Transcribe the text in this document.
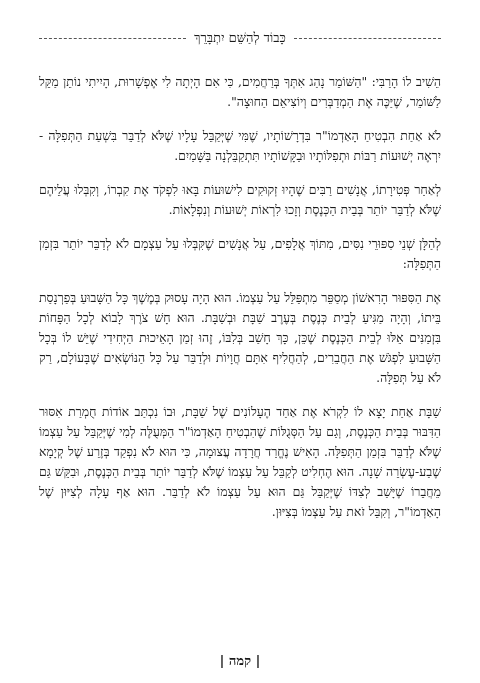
כָּבוֹד לְהַשֵּׁם יִתְבָּרֵךְ

הֵשִׁיב לוֹ הָרַבִּי: "הַשּׁוֹמֵר נָהַג אִתְּךָ בְּרַחֲמִים, כִּי אִם הָיְתָה לִי אֶפְשָׁרוּת, הָיִיתִי נוֹתֵן מַקֵּל לַשּׁוֹמֵר, שֶׁיַּכֶּה אֶת הַמְדַבְּרִים וְיוֹצִיאֵם הַחוּצָה".

לֹא אַחַת הִבְטִיחַ הָאַדְמוֹ"ר בִּדְרָשׁוֹתָיו, שֶׁמִּי שֶׁיְּקַבֵּל עָלָיו שֶׁלֹּא לְדַבֵּר בִּשְׁעַת הַתְּפִלָּה - יִרְאֶה יְשׁוּעוֹת רַבּוֹת וּתְפִלּוֹתָיו וּבַקָּשׁוֹתָיו תִּתְקַבֵּלְנָה בַּשָּׁמַיִם.

לְאַחַר פְּטִירָתוֹ, אֲנָשִׁים רַבִּים שֶׁהָיוּ זְקוּקִים לִישׁוּעוֹת בָּאוּ לִפְקֹד אֶת קִבְרוֹ, וְקִבְּלוּ עֲלֵיהֶם שֶׁלֹּא לְדַבֵּר יוֹתֵר בְּבֵית הַכְּנֶסֶת וְזָכוּ לִרְאוֹת יְשׁוּעוֹת וְנִפְלָאוֹת.

לְהַלָּן שְׁנֵי סִפּוּרֵי נִסִּים, מִתּוֹךְ אֲלָפִים, עַל אֲנָשִׁים שֶׁקִּבְּלוּ עַל עַצְמָם לֹא לְדַבֵּר יוֹתֵר בִּזְמַן הַתְּפִלָּה:

אֶת הַסִּפּוּר הָרִאשׁוֹן מְסַפֵּר מִתְפַּלֵּל עַל עַצְמוֹ. הוּא הָיָה עָסוּק בְּמֶשֶׁךְ כָּל הַשָּׁבוּעַ בְּפַרְנָסַת בֵּיתוֹ, וְהָיָה מַגִּיעַ לְבֵית כְּנֶסֶת בְּעֶרֶב שַׁבָּת וּבְשַׁבָּת. הוּא חָשׁ צֹרֶךְ לָבוֹא לְכָל הַפָּחוֹת בִּזְמַנִּים אֵלּוּ לְבֵית הַכְּנֶסֶת שֶׁכֵּן, כָּךְ חָשַׁב בְּלִבּוֹ, זֶהוּ זְמַן הָאֵיכוּת הַיְּחִידִי שֶׁיֵּשׁ לוֹ בְּכָל הַשָּׁבוּעַ לִפְגֹּשׁ אֶת הַחֲבֵרִים, לְהַחֲלִיף אִתָּם חֲוָיוֹת וּלְדַבֵּר עַל כָּל הַנּוֹשְׂאִים שֶׁבָּעוֹלָם, רַק לֹא עַל תְּפִלָּה.

שַׁבָּת אַחַת יָצָא לוֹ לִקְרֹא אֶת אַחַד הֶעָלוֹנִים שֶׁל שַׁבָּת, וּבוֹ נִכְתַּב אוֹדוֹת חֻמְרַת אִסּוּר הַדִּבּוּר בְּבֵית הַכְּנֶסֶת, וְגַם עַל הַסְּגֻלּוֹת שֶׁהִבְטִיחַ הָאַדְמוֹ"ר הַמְּעֻלֶּה לְמִי שֶׁיְּקַבֵּל עַל עַצְמוֹ שֶׁלֹּא לְדַבֵּר בִּזְמַן הַתְּפִלָּה. הָאִישׁ נֶחֱרַד חֲרָדָה עֲצוּמָה, כִּי הוּא לֹא נִפְקַד בְּזֶרַע שֶׁל קְיָמָא שֶׁבַע-עֶשְׂרֵה שָׁנָה. הוּא הֶחְלִיט לְקַבֵּל עַל עַצְמוֹ שֶׁלֹּא לְדַבֵּר יוֹתֵר בְּבֵית הַכְּנֶסֶת, וּבִקֵּשׁ גַּם מֵחֲבֵרוֹ שֶׁיָּשַׁב לְצִדּוֹ שֶׁיְּקַבֵּל גַּם הוּא עַל עַצְמוֹ לֹא לְדַבֵּר. הוּא אַף עָלָה לְצִיּוּן שֶׁל הָאַדְמוֹ"ר, וְקִבֵּל זֹאת עַל עַצְמוֹ בְּצִיּוּן.

| קמה |
